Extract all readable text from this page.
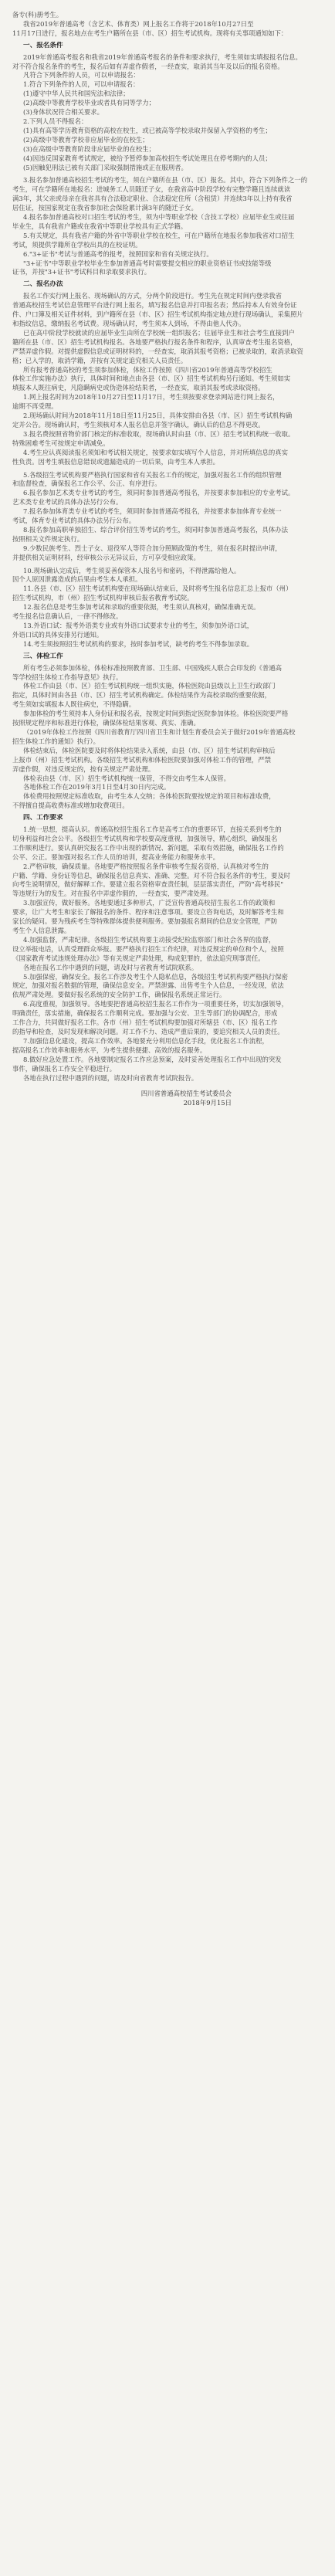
备专(科)册考生。

我省2019年普通高考（含艺术、体育类）网上报名工作将于2018年10月27日至

11月17日进行，报名地点在考生户籍所在县（市、区）招生考试机构。现将有关事项通知如下：

一、报名条件

2019年普通高考报名和我省2019年普通高考报名的条件和要求执行，考生须如实填报报名信息。

对不符合报名条件的考生，报名后如有弄虚作假者，一经查实，取消其当年及以后的报名资格。

凡符合下列条件的人员，可以申请报名：

1.符合下列条件的人员，可以申请报名：

(1)遵守中华人民共和国宪法和法律；

(2)高级中等教育学校毕业或者具有同等学力；

(3)身体状况符合相关要求。

2.下列人员不得报名：

(1)具有高等学历教育资格的高校在校生，或已被高等学校录取并保留入学资格的考生；

(2)高级中等教育学校非应届毕业的在校生；

(3)在高级中等教育阶段非应届毕业的在校生；

(4)因违反国家教育考试规定，被给予暂停参加高校招生考试处理且在停考期内的人员；

(5)因触犯刑法已被有关部门采取强制措施或正在服刑者。

3.报名参加普通高校招生考试的考生，须在户籍所在县（市、区）报名。其中，符合下列条件之一的

考生，可在学籍所在地报名：进城务工人员随迁子女，在我省高中阶段学校有完整学籍且连续就读

满3年，其父亲或母亲在我省具有合法稳定职业、合法稳定住所（含租赁）并连续3年以上持有我省

居住证，按国家规定在我省参加社会保险累计满3年的随迁子女。

4.报名参加普通高校对口招生考试的考生，须为中等职业学校（含技工学校）应届毕业生或往届

毕业生，具有我省户籍或在我省中等职业学校具有正式学籍。

5.有关规定，具有我省户籍的外省中等职业学校在校生，可在户籍所在地报名参加我省对口招生

考试，须提供学籍所在学校出具的在校证明。

6."3+证书"考试与普通高考的报考，按照国家和省有关规定执行。

"3+证书"中等职业学校毕业生参加普通高考时需要提交相应的职业资格证书或技能等级

证书，并按"3+证书"考试科目和录取要求执行。

二、报名办法

报名工作实行网上报名、现场确认的方式，分两个阶段进行。考生先在规定时间内登录我省

普通高校招生考试信息管理平台进行网上报名，填写报名信息并打印报名表；然后持本人有效身份证

件、户口簿及相关证件材料，到户籍所在县（市、区）招生考试机构指定地点进行现场确认，采集照片

和指纹信息，缴纳报名考试费。现场确认时，考生须本人到场，不得由他人代办。

已在高中阶段学校就读的应届毕业生由所在学校统一组织报名；往届毕业生和社会考生直接到户

籍所在县（市、区）招生考试机构报名。各地要严格执行报名条件和程序，认真审查考生报名资格，

严禁弄虚作假。对提供虚假信息或证明材料的，一经查实，取消其报考资格；已被录取的，取消录取资

格；已入学的，取消学籍，并按有关规定追究相关人员责任。

所有报考普通高校的考生须参加体检，体检工作按照《四川省2019年普通高等学校招生

体检工作实施办法》执行，具体时间和地点由各县（市、区）招生考试机构另行通知。考生须如实

填报本人既往病史，凡隐瞒病史或伪造体检结果者，一经查实，取消其报考或录取资格。

1.网上报名时间为2018年10月27日至11月17日，考生须按要求登录网站进行网上报名，

逾期不再受理。

2.现场确认时间为2018年11月18日至11月25日，具体安排由各县（市、区）招生考试机构确

定并公告。现场确认时，考生须核对本人报名信息并签字确认，确认后的信息不得更改。

3.报名费按照省物价部门核定的标准收取，现场确认时由县（市、区）招生考试机构统一收取。

特殊困难考生可按规定申请减免。

4.考生应认真阅读报名须知和考试相关规定，按要求如实填写个人信息，并对所填信息的真实

性负责。因考生填报信息错误或遗漏造成的一切后果，由考生本人承担。

5.各级招生考试机构要严格执行国家和省有关报名工作的规定，加强对报名工作的组织管理

和监督检查，确保报名工作公平、公正、有序进行。

6.报名参加艺术类专业考试的考生，须同时参加普通高考报名，并按要求参加相应的专业考试。

艺术类专业考试的具体办法另行公布。

7.报名参加体育类专业考试的考生，须同时参加普通高考报名，并按要求参加体育专业统一

考试，体育专业考试的具体办法另行公布。

8.报名参加高职单独招生、综合评价招生等考试的考生，须同时参加普通高考报名，具体办法

按照相关文件规定执行。

9.少数民族考生、烈士子女、退役军人等符合加分照顾政策的考生，须在报名时提出申请，

并提供相关证明材料，经审核公示无异议后，方可享受相应政策。

10.现场确认完成后，考生须妥善保管本人报名号和密码，不得泄露给他人。

因个人原因泄露造成的后果由考生本人承担。

11.各县（市、区）招生考试机构要在现场确认结束后，及时将考生报名信息汇总上报市（州）

招生考试机构，市（州）招生考试机构审核后报省教育考试院。

12.报名信息是考生参加考试和录取的重要依据，考生须认真核对，确保准确无误。

考生报名信息确认后，一律不得修改。

13.外语口试：报考外语类专业或有外语口试要求专业的考生，须参加外语口试，

外语口试的具体安排另行通知。

14.考生须按照招生考试机构的要求，按时参加考试，缺考的考生不得参加录取。

三、体检工作

所有考生必须参加体检，体检标准按照教育部、卫生部、中国残疾人联合会印发的《普通高

等学校招生体检工作指导意见》执行。

体检工作由县（市、区）招生考试机构统一组织实施，体检医院由县级以上卫生行政部门

指定，具体时间由各县（市、区）招生考试机构确定。体检结果作为高校录取的重要依据，

考生须如实填报本人既往病史，不得隐瞒。

参加体检的考生须持本人身份证和报名表，按规定时间到指定医院参加体检。体检医院要严格

按照规定程序和标准进行体检，确保体检结果客观、真实、准确。

（2019年体检工作按照《四川省教育厅四川省卫生和计划生育委员会关于做好2019年普通高校

招生体检工作的通知》执行）。

体检结束后，体检医院要及时将体检结果录入系统，由县（市、区）招生考试机构审核后

上报市（州）招生考试机构。各级招生考试机构和体检医院要加强对体检工作的管理，严禁

弄虚作假，对违反规定的，按有关规定严肃处理。

体检表由县（市、区）招生考试机构统一保管，不得交由考生本人保管。

各地体检工作在2019年3月1日至4月30日内完成。

体检费用按照规定标准收取，由考生本人交纳；各体检医院要按规定的项目和标准收费，

不得擅自提高收费标准或增加收费项目。

四、工作要求

1.统一思想，提高认识。普通高校招生报名工作是高考工作的重要环节，直接关系到考生的

切身利益和社会公平。各级招生考试机构和学校要高度重视，加强领导，精心组织，确保报名

工作顺利进行。要认真研究报名工作中出现的新情况、新问题，采取有效措施，确保报名工作的

公平、公正。要加强对报名工作人员的培训，提高业务能力和服务水平。

2.严格审核，确保质量。各地要严格按照报名条件审核考生报名资格，认真核对考生的

户籍、学籍、身份证等信息，确保报名信息真实、准确、完整。对不符合报名条件的考生，要及时

向考生说明情况，做好解释工作。要建立报名资格审查责任制，层层落实责任，严防"高考移民"

等违规行为的发生。对在报名中弄虚作假的，一经查实，要严肃处理。

3.加强宣传，做好服务。各地要通过多种形式，广泛宣传普通高校招生报名工作的政策和

要求，让广大考生和家长了解报名的条件、程序和注意事项。要设立咨询电话，及时解答考生和

家长的疑问。要为残疾考生等特殊群体提供便利服务。要加强报名期间的信息安全管理，严防

考生个人信息泄露。

4.加强监督，严肃纪律。各级招生考试机构要主动接受纪检监察部门和社会各界的监督，

设立举报电话，认真受理群众举报。要严格执行招生工作纪律，对违反规定的单位和个人，按照

《国家教育考试违规处理办法》等有关规定严肃处理，构成犯罪的，依法追究刑事责任。

各地在报名工作中遇到的问题，请及时与省教育考试院联系。

5.加强保密，确保安全。报名工作涉及考生个人隐私信息，各级招生考试机构要严格执行保密

规定，加强对报名数据的管理，确保信息安全。严禁泄露、出售考生个人信息，一经发现，依法

依规严肃处理。要做好报名系统的安全防护工作，确保报名系统正常运行。

6.高度重视，加强领导。各地要把普通高校招生报名工作作为一项重要任务，切实加强领导，

明确责任，落实措施，确保报名工作顺利完成。要加强与公安、卫生等部门的协调配合，形成

工作合力，共同做好报名工作。各市（州）招生考试机构要加强对所辖县（市、区）报名工作

的指导和检查，及时发现和解决问题。对工作不力、造成严重后果的，要追究相关人员的责任。

7.加强信息化建设，提高工作效率。各地要充分利用信息化手段，优化报名工作流程，

提高报名工作效率和服务水平，为考生提供便捷、高效的报名服务。

8.做好应急处置工作。各地要制定报名工作应急预案，及时妥善处理报名工作中出现的突发

事件，确保报名工作安全平稳进行。

各地在执行过程中遇到的问题，请及时向省教育考试院报告。

四川省普通高校招生考试委员会
2018年9月15日
